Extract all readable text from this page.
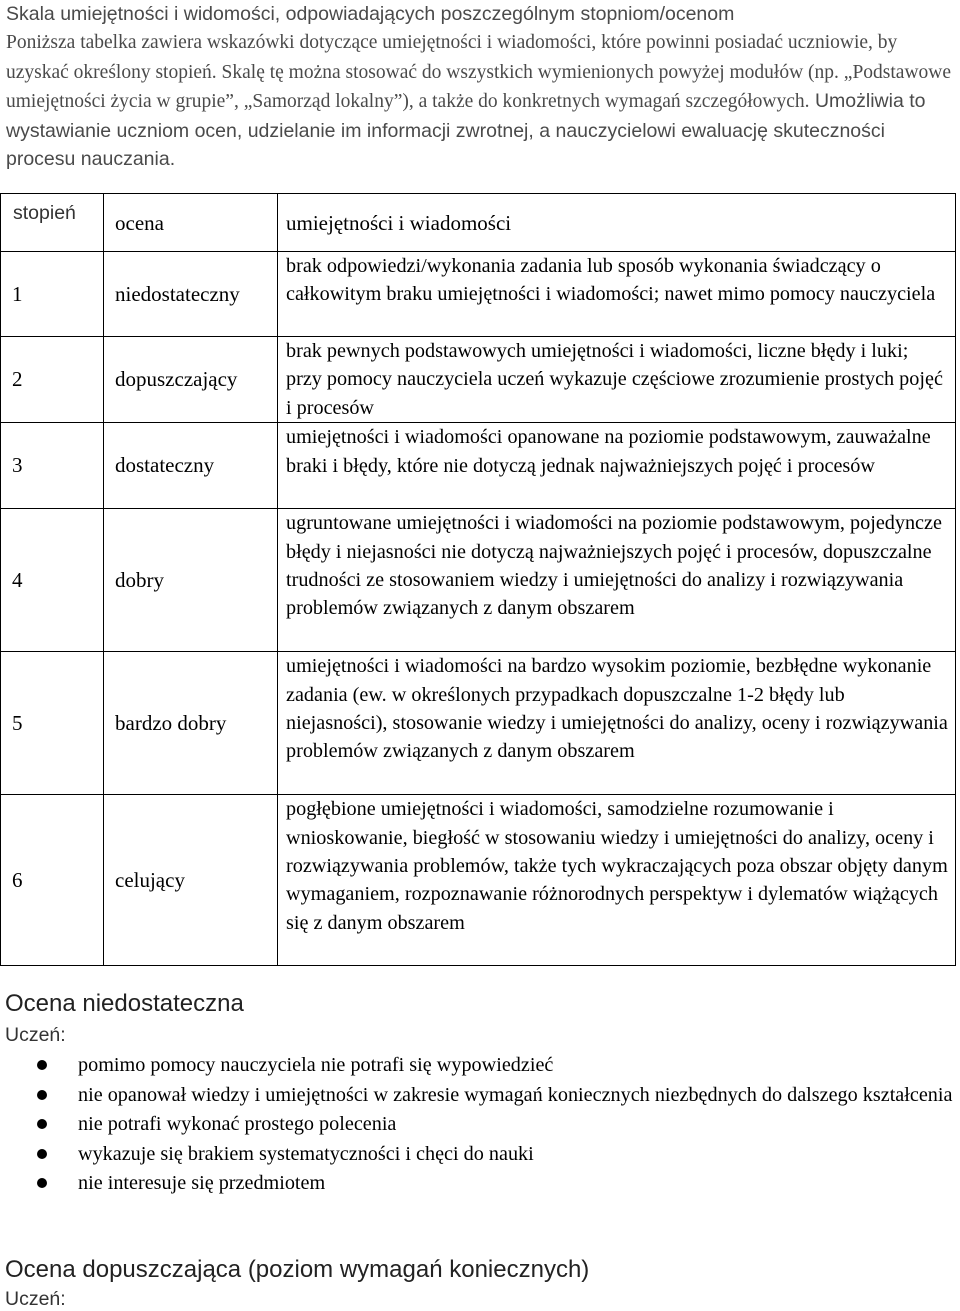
Skala umiejętności i widomości, odpowiadających poszczególnym stopniom/ocenom

Poniższa tabelka zawiera wskazówki dotyczące umiejętności i wiadomości, które powinni posiadać uczniowie, by uzyskać określony stopień. Skalę tę można stosować do wszystkich wymienionych powyżej modułów (np. „Podstawowe umiejętności życia w grupie”, „Samorząd lokalny”), a także do konkretnych wymagań szczegółowych. Umożliwia to wystawianie uczniom ocen, udzielanie im informacji zwrotnej, a nauczycielowi ewaluację skuteczności procesu nauczania.

stopień	ocena	umiejętności i wiadomości

1	niedostateczny	brak odpowiedzi/wykonania zadania lub sposób wykonania świadczący o całkowitym braku umiejętności i wiadomości; nawet mimo pomocy nauczyciela

2	dopuszczający	brak pewnych podstawowych umiejętności i wiadomości, liczne błędy i luki; przy pomocy nauczyciela uczeń wykazuje częściowe zrozumienie prostych pojęć i procesów

3	dostateczny	umiejętności i wiadomości opanowane na poziomie podstawowym, zauważalne braki i błędy, które nie dotyczą jednak najważniejszych pojęć i procesów

4	dobry	ugruntowane umiejętności i wiadomości na poziomie podstawowym, pojedyncze błędy i niejasności nie dotyczą najważniejszych pojęć i procesów, dopuszczalne trudności ze stosowaniem wiedzy i umiejętności do analizy i rozwiązywania problemów związanych z danym obszarem

5	bardzo dobry	umiejętności i wiadomości na bardzo wysokim poziomie, bezbłędne wykonanie zadania (ew. w określonych przypadkach dopuszczalne 1-2 błędy lub niejasności), stosowanie wiedzy i umiejętności do analizy, oceny i rozwiązywania problemów związanych z danym obszarem

6	celujący	pogłębione umiejętności i wiadomości, samodzielne rozumowanie i wnioskowanie, biegłość w stosowaniu wiedzy i umiejętności do analizy, oceny i rozwiązywania problemów, także tych wykraczających poza obszar objęty danym wymaganiem, rozpoznawanie różnorodnych perspektyw i dylematów wiążących się z danym obszarem
Ocena niedostateczna
Uczeń:
pomimo pomocy nauczyciela nie potrafi się wypowiedzieć
nie opanował wiedzy i umiejętności w zakresie wymagań koniecznych niezbędnych do dalszego kształcenia
nie potrafi wykonać prostego polecenia
wykazuje się brakiem systematyczności i chęci do nauki
nie interesuje się przedmiotem
Ocena dopuszczająca (poziom wymagań koniecznych)
Uczeń:
